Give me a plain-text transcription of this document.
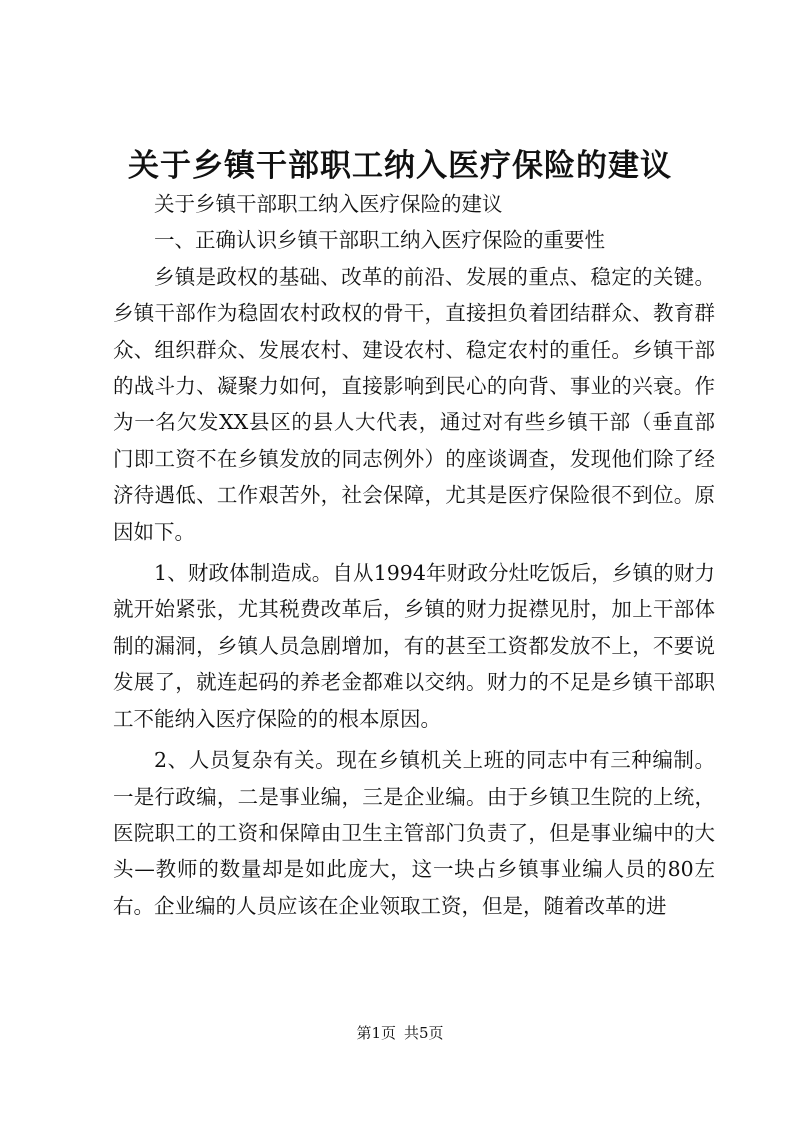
关于乡镇干部职工纳入医疗保险的建议

关于乡镇干部职工纳入医疗保险的建议

一、正确认识乡镇干部职工纳入医疗保险的重要性

乡镇是政权的基础、改革的前沿、发展的重点、稳定的关键。乡镇干部作为稳固农村政权的骨干，直接担负着团结群众、教育群众、组织群众、发展农村、建设农村、稳定农村的重任。乡镇干部的战斗力、凝聚力如何，直接影响到民心的向背、事业的兴衰。作为一名欠发XX县区的县人大代表，通过对有些乡镇干部（垂直部门即工资不在乡镇发放的同志例外）的座谈调查，发现他们除了经济待遇低、工作艰苦外，社会保障，尤其是医疗保险很不到位。原因如下。

1、财政体制造成。自从1994年财政分灶吃饭后，乡镇的财力就开始紧张，尤其税费改革后，乡镇的财力捉襟见肘，加上干部体制的漏洞，乡镇人员急剧增加，有的甚至工资都发放不上，不要说发展了，就连起码的养老金都难以交纳。财力的不足是乡镇干部职工不能纳入医疗保险的的根本原因。

2、人员复杂有关。现在乡镇机关上班的同志中有三种编制。一是行政编，二是事业编，三是企业编。由于乡镇卫生院的上统，医院职工的工资和保障由卫生主管部门负责了，但是事业编中的大头—教师的数量却是如此庞大，这一块占乡镇事业编人员的80左右。企业编的人员应该在企业领取工资，但是，随着改革的进

第1页 共5页
